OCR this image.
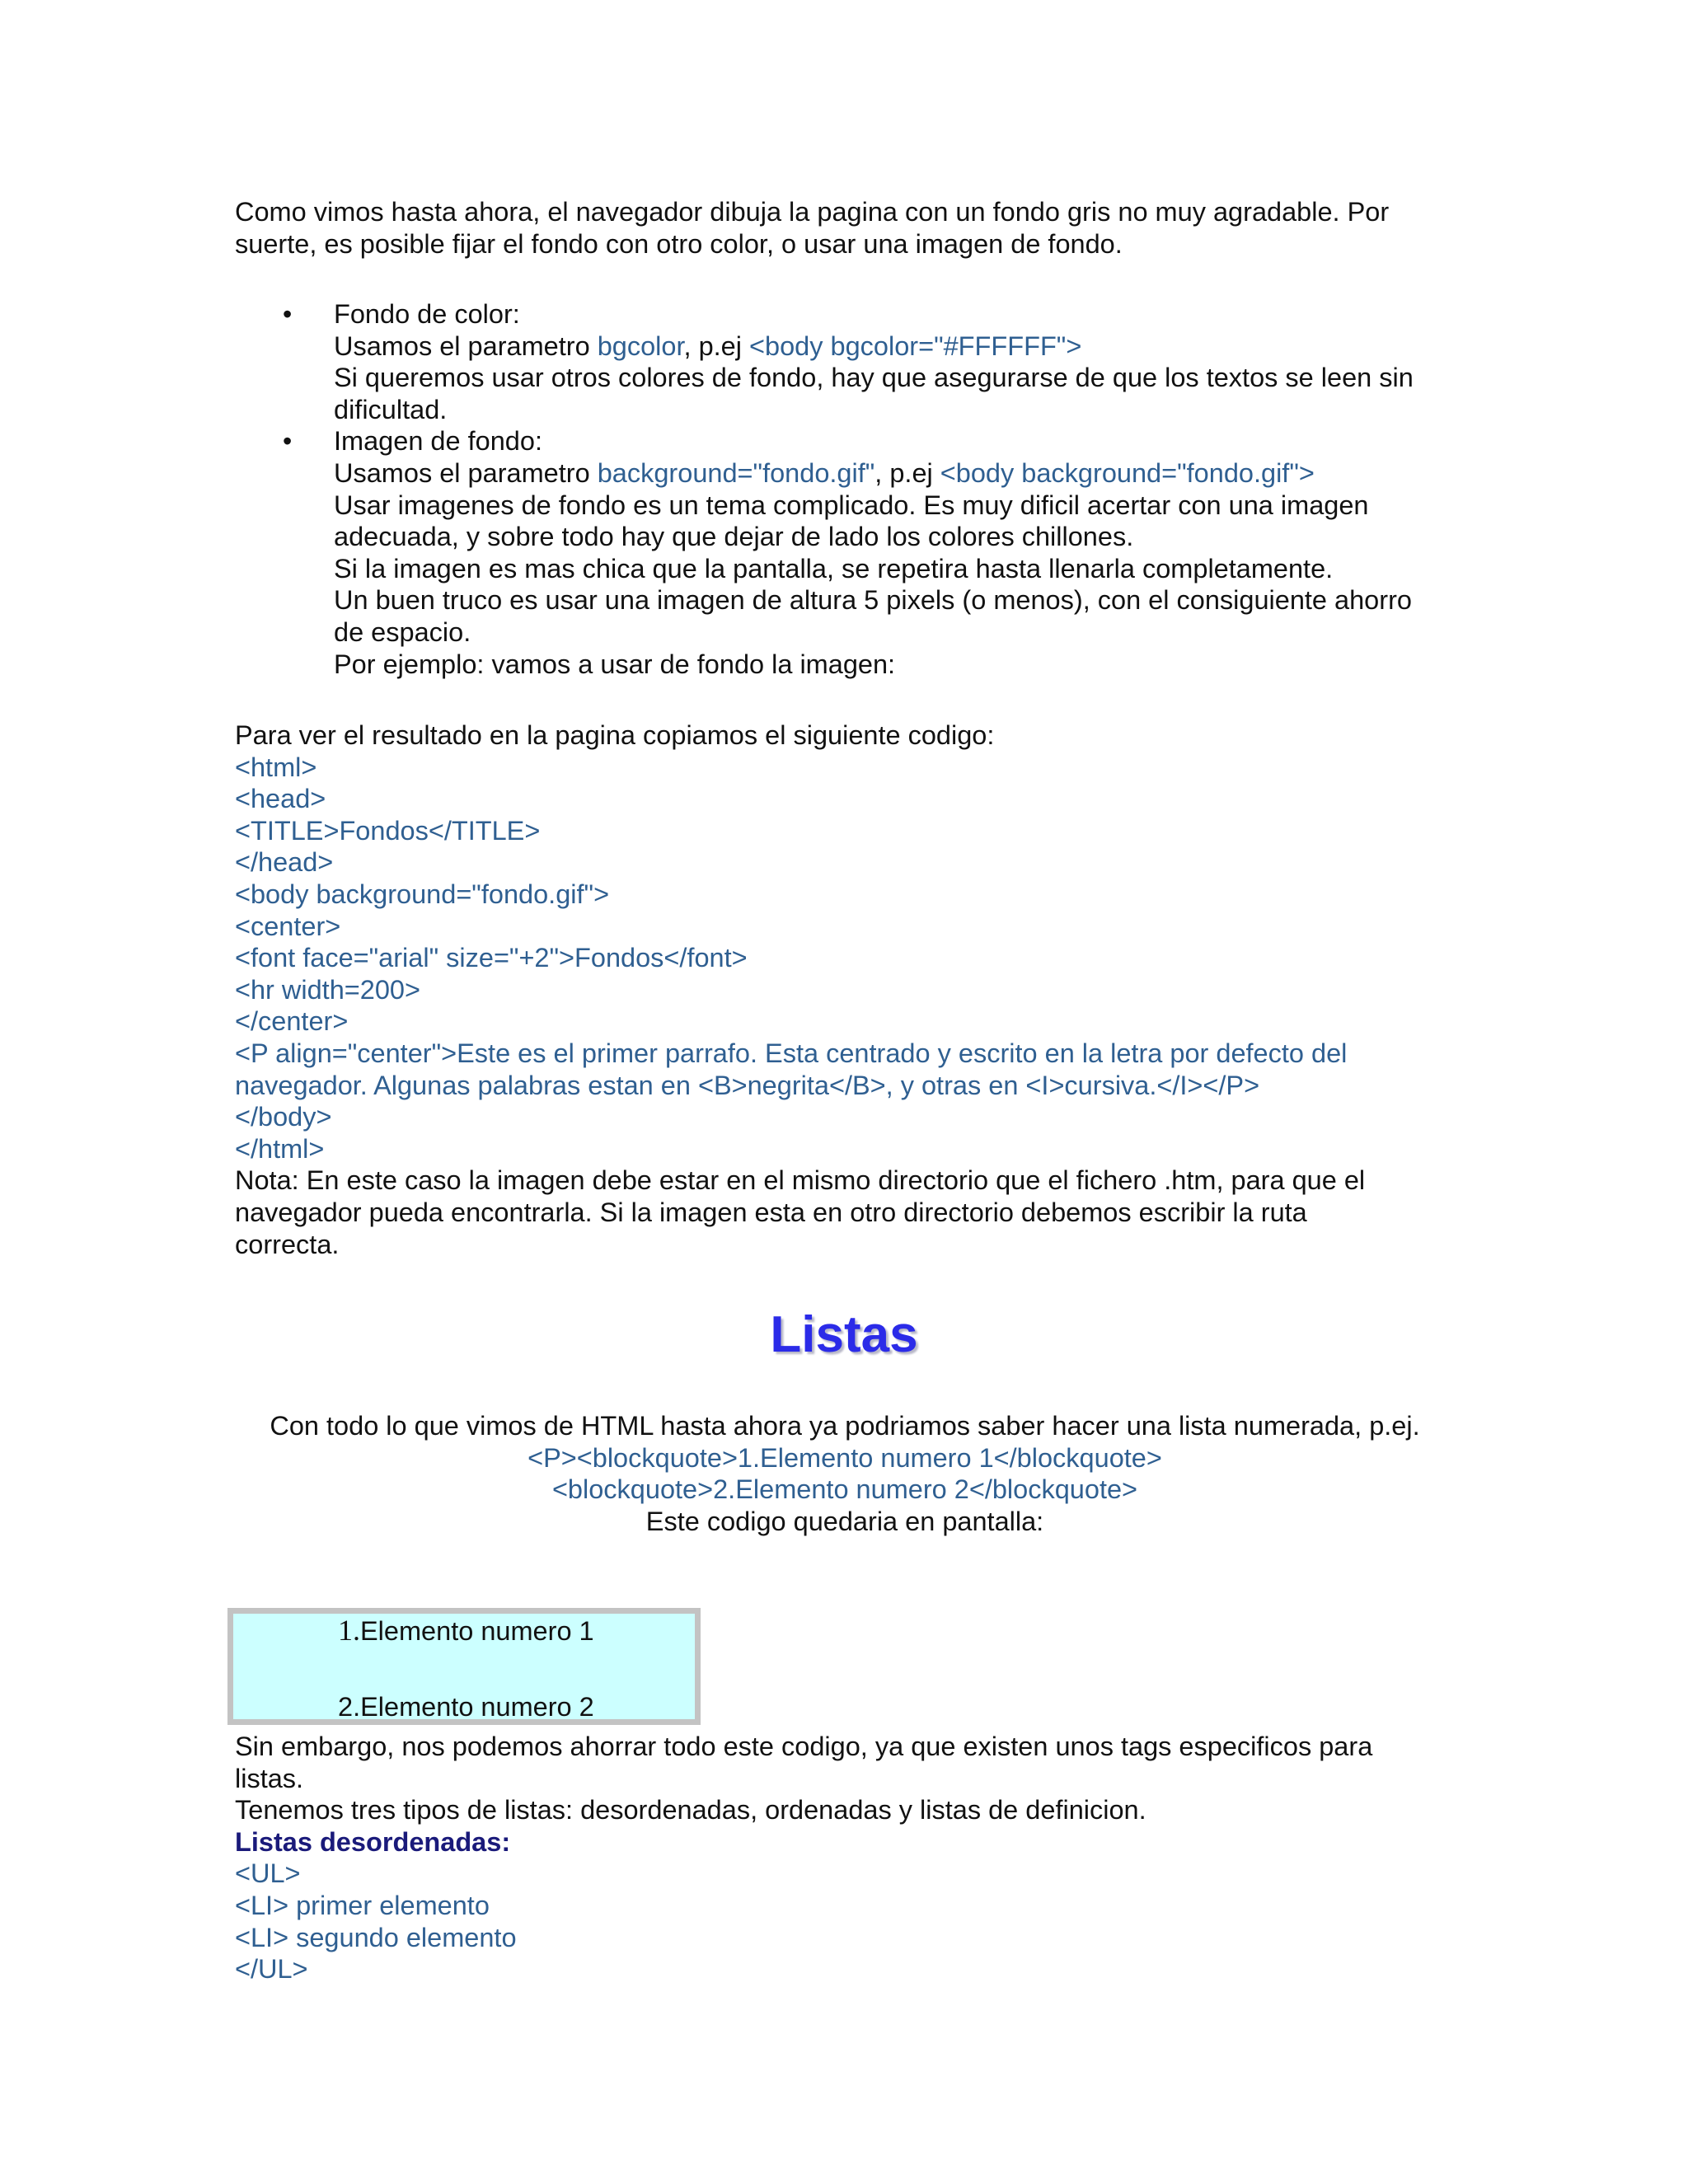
Como vimos hasta ahora, el navegador dibuja la pagina con un fondo gris no muy agradable. Por
suerte, es posible fijar el fondo con otro color, o usar una imagen de fondo.
• Fondo de color:
Usamos el parametro bgcolor, p.ej <body bgcolor="#FFFFFF">
Si queremos usar otros colores de fondo, hay que asegurarse de que los textos se leen sin
dificultad.
• Imagen de fondo:
Usamos el parametro background="fondo.gif", p.ej <body background="fondo.gif">
Usar imagenes de fondo es un tema complicado. Es muy dificil acertar con una imagen
adecuada, y sobre todo hay que dejar de lado los colores chillones.
Si la imagen es mas chica que la pantalla, se repetira hasta llenarla completamente.
Un buen truco es usar una imagen de altura 5 pixels (o menos), con el consiguiente ahorro
de espacio.
Por ejemplo: vamos a usar de fondo la imagen:
Para ver el resultado en la pagina copiamos el siguiente codigo:
<html>
<head>
<TITLE>Fondos</TITLE>
</head>
<body background="fondo.gif">
<center>
<font face="arial" size="+2">Fondos</font>
<hr width=200>
</center>
<P align="center">Este es el primer parrafo. Esta centrado y escrito en la letra por defecto del
navegador. Algunas palabras estan en <B>negrita</B>, y otras en <I>cursiva.</I></P>
</body>
</html>
Nota: En este caso la imagen debe estar en el mismo directorio que el fichero .htm, para que el
navegador pueda encontrarla. Si la imagen esta en otro directorio debemos escribir la ruta
correcta.
Listas
Con todo lo que vimos de HTML hasta ahora ya podriamos saber hacer una lista numerada, p.ej.
<P><blockquote>1.Elemento numero 1</blockquote>
<blockquote>2.Elemento numero 2</blockquote>
Este codigo quedaria en pantalla:
1.Elemento numero 1
2.Elemento numero 2
Sin embargo, nos podemos ahorrar todo este codigo, ya que existen unos tags especificos para
listas.
Tenemos tres tipos de listas: desordenadas, ordenadas y listas de definicion.
Listas desordenadas:
<UL>
<LI> primer elemento
<LI> segundo elemento
</UL>
